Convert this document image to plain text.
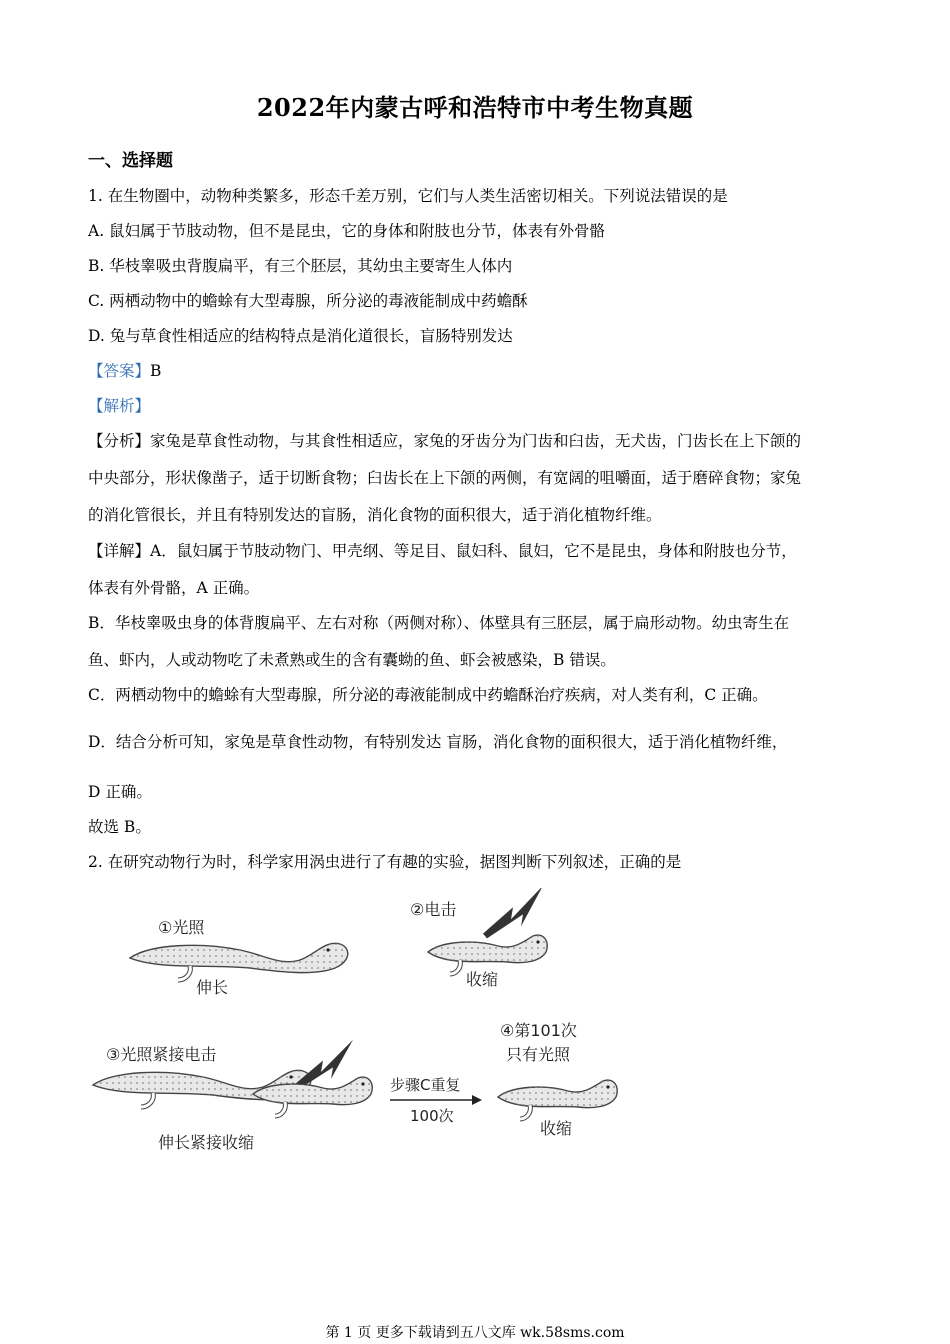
2022年内蒙古呼和浩特市中考生物真题
一、选择题
1. 在生物圈中，动物种类繁多，形态千差万别，它们与人类生活密切相关。下列说法错误的是
A. 鼠妇属于节肢动物，但不是昆虫，它的身体和附肢也分节，体表有外骨骼
B. 华枝睾吸虫背腹扁平，有三个胚层，其幼虫主要寄生人体内
C. 两栖动物中的蟾蜍有大型毒腺，所分泌的毒液能制成中药蟾酥
D. 兔与草食性相适应的结构特点是消化道很长，盲肠特别发达
【答案】B
【解析】
【分析】家兔是草食性动物，与其食性相适应，家兔的牙齿分为门齿和臼齿，无犬齿，门齿长在上下颌的
中央部分，形状像凿子，适于切断食物；臼齿长在上下颌的两侧，有宽阔的咀嚼面，适于磨碎食物；家兔
的消化管很长，并且有特别发达的盲肠，消化食物的面积很大，适于消化植物纤维。
【详解】A．鼠妇属于节肢动物门、甲壳纲、等足目、鼠妇科、鼠妇，它不是昆虫，身体和附肢也分节，
体表有外骨骼，A 正确。
B．华枝睾吸虫身的体背腹扁平、左右对称（两侧对称）、体壁具有三胚层，属于扁形动物。幼虫寄生在
鱼、虾内，人或动物吃了未煮熟或生的含有囊蚴的鱼、虾会被感染，B 错误。
C．两栖动物中的蟾蜍有大型毒腺，所分泌的毒液能制成中药蟾酥治疗疾病，对人类有利，C 正确。
D．结合分析可知，家兔是草食性动物，有特别发达 盲肠，消化食物的面积很大，适于消化植物纤维，
D 正确。
故选 B。
2. 在研究动物行为时，科学家用涡虫进行了有趣的实验，据图判断下列叙述，正确的是
①光照
伸长
②电击
收缩
③光照紧接电击
伸长紧接收缩
步骤C重复
100次
④第101次
只有光照
收缩
第 1 页 更多下载请到五八文库 wk.58sms.com
